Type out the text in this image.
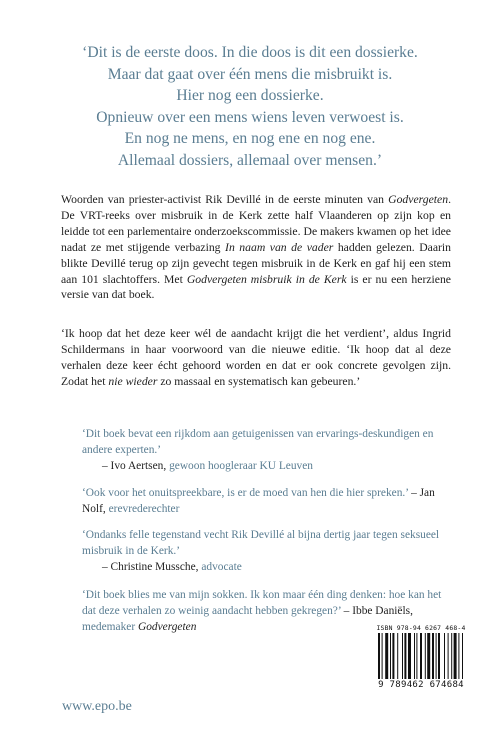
‘Dit is de eerste doos. In die doos is dit een dossierke.
Maar dat gaat over één mens die misbruikt is.
Hier nog een dossierke.
Opnieuw over een mens wiens leven verwoest is.
En nog ne mens, en nog ene en nog ene.
Allemaal dossiers, allemaal over mensen.’

Woorden van priester-activist Rik Devillé in de eerste minuten van Godvergeten. De VRT-reeks over misbruik in de Kerk zette half Vlaanderen op zijn kop en leidde tot een parlementaire onderzoekscommissie. De makers kwamen op het idee nadat ze met stijgende verbazing In naam van de vader hadden gelezen. Daarin blikte Devillé terug op zijn gevecht tegen misbruik in de Kerk en gaf hij een stem aan 101 slachtoffers. Met Godvergeten misbruik in de Kerk is er nu een herziene versie van dat boek.

‘Ik hoop dat het deze keer wél de aandacht krijgt die het verdient’, aldus Ingrid Schildermans in haar voorwoord van die nieuwe editie. ‘Ik hoop dat al deze verhalen deze keer écht gehoord worden en dat er ook concrete gevolgen zijn. Zodat het nie wieder zo massaal en systematisch kan gebeuren.’

‘Dit boek bevat een rijkdom aan getuigenissen van ervarings-deskundigen en andere experten.’
– Ivo Aertsen, gewoon hoogleraar KU Leuven
‘Ook voor het onuitspreekbare, is er de moed van hen die hier spreken.’ – Jan Nolf, erevrederechter
‘Ondanks felle tegenstand vecht Rik Devillé al bijna dertig jaar tegen seksueel misbruik in de Kerk.’
– Christine Mussche, advocate
‘Dit boek blies me van mijn sokken. Ik kon maar één ding denken: hoe kan het dat deze verhalen zo weinig aandacht hebben gekregen?’ – Ibbe Daniëls, medemaker Godvergeten
www.epo.be
ISBN 978-94 6267 468-4
9 789462 674684
